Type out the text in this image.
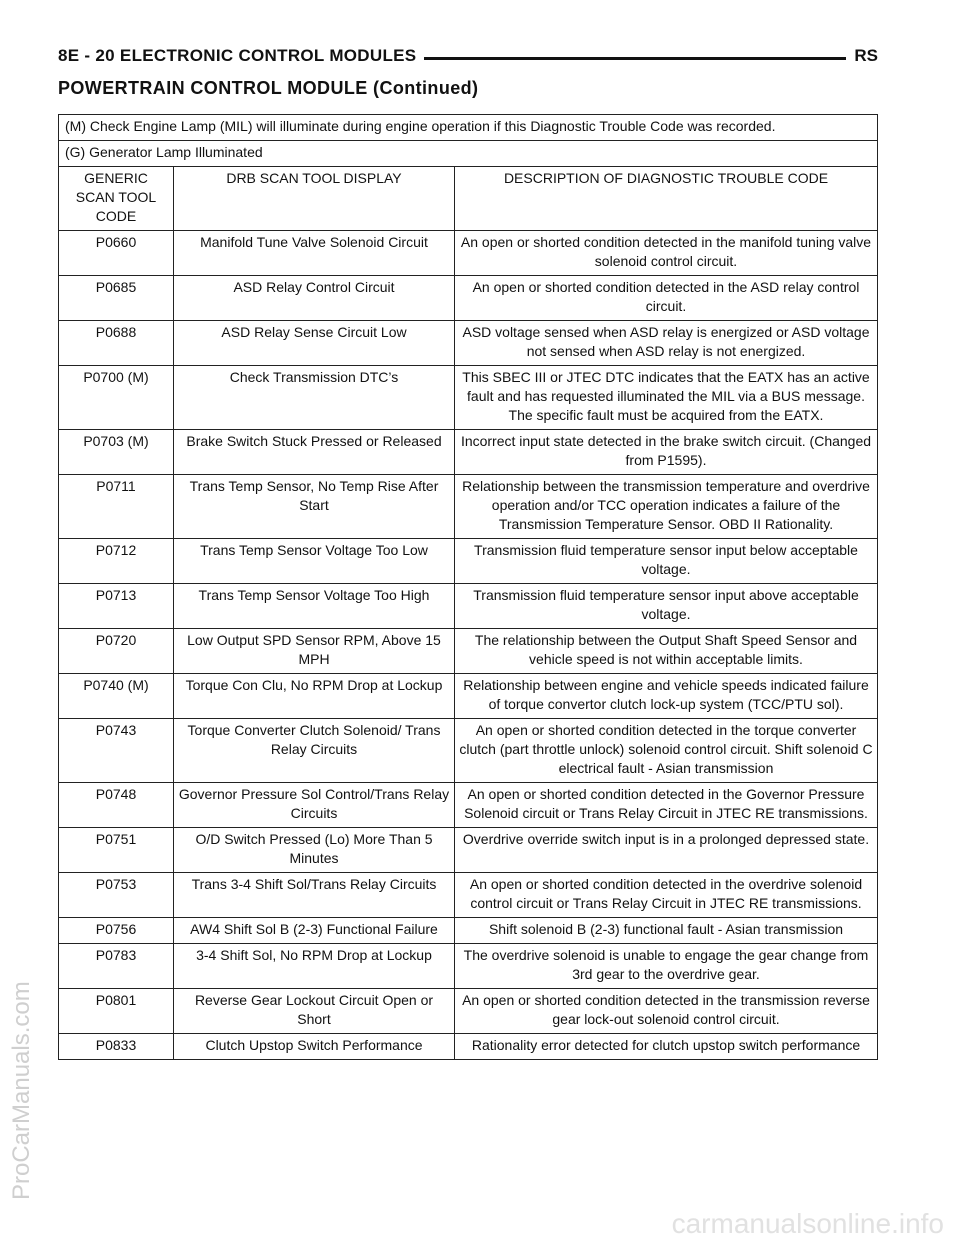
8E - 20 ELECTRONIC CONTROL MODULES	RS
POWERTRAIN CONTROL MODULE (Continued)
(M) Check Engine Lamp (MIL) will illuminate during engine operation if this Diagnostic Trouble Code was recorded.		
(G) Generator Lamp Illuminated		

GENERIC SCAN TOOL CODE	DRB SCAN TOOL DISPLAY	DESCRIPTION OF DIAGNOSTIC TROUBLE CODE
P0660	Manifold Tune Valve Solenoid Circuit	An open or shorted condition detected in the manifold tuning valve solenoid control circuit.
P0685	ASD Relay Control Circuit	An open or shorted condition detected in the ASD relay control circuit.
P0688	ASD Relay Sense Circuit Low	ASD voltage sensed when ASD relay is energized or ASD voltage not sensed when ASD relay is not energized.
P0700 (M)	Check Transmission DTC’s	This SBEC III or JTEC DTC indicates that the EATX has an active fault and has requested illuminated the MIL via a BUS message. The specific fault must be acquired from the EATX.
P0703 (M)	Brake Switch Stuck Pressed or Released	Incorrect input state detected in the brake switch circuit. (Changed from P1595).
P0711	Trans Temp Sensor, No Temp Rise After Start	Relationship between the transmission temperature and overdrive operation and/or TCC operation indicates a failure of the Transmission Temperature Sensor. OBD II Rationality.
P0712	Trans Temp Sensor Voltage Too Low	Transmission fluid temperature sensor input below acceptable voltage.
P0713	Trans Temp Sensor Voltage Too High	Transmission fluid temperature sensor input above acceptable voltage.
P0720	Low Output SPD Sensor RPM, Above 15 MPH	The relationship between the Output Shaft Speed Sensor and vehicle speed is not within acceptable limits.
P0740 (M)	Torque Con Clu, No RPM Drop at Lockup	Relationship between engine and vehicle speeds indicated failure of torque convertor clutch lock-up system (TCC/PTU sol).
P0743	Torque Converter Clutch Solenoid/ Trans Relay Circuits	An open or shorted condition detected in the torque converter clutch (part throttle unlock) solenoid control circuit. Shift solenoid C electrical fault - Asian transmission
P0748	Governor Pressure Sol Control/Trans Relay Circuits	An open or shorted condition detected in the Governor Pressure Solenoid circuit or Trans Relay Circuit in JTEC RE transmissions.
P0751	O/D Switch Pressed (Lo) More Than 5 Minutes	Overdrive override switch input is in a prolonged depressed state.
P0753	Trans 3-4 Shift Sol/Trans Relay Circuits	An open or shorted condition detected in the overdrive solenoid control circuit or Trans Relay Circuit in JTEC RE transmissions.
P0756	AW4 Shift Sol B (2-3) Functional Failure	Shift solenoid B (2-3) functional fault - Asian transmission
P0783	3-4 Shift Sol, No RPM Drop at Lockup	The overdrive solenoid is unable to engage the gear change from 3rd gear to the overdrive gear.
P0801	Reverse Gear Lockout Circuit Open or Short	An open or shorted condition detected in the transmission reverse gear lock-out solenoid control circuit.
P0833	Clutch Upstop Switch Performance	Rationality error detected for clutch upstop switch performance
ProCarManuals.com
carmanualsonline.info
